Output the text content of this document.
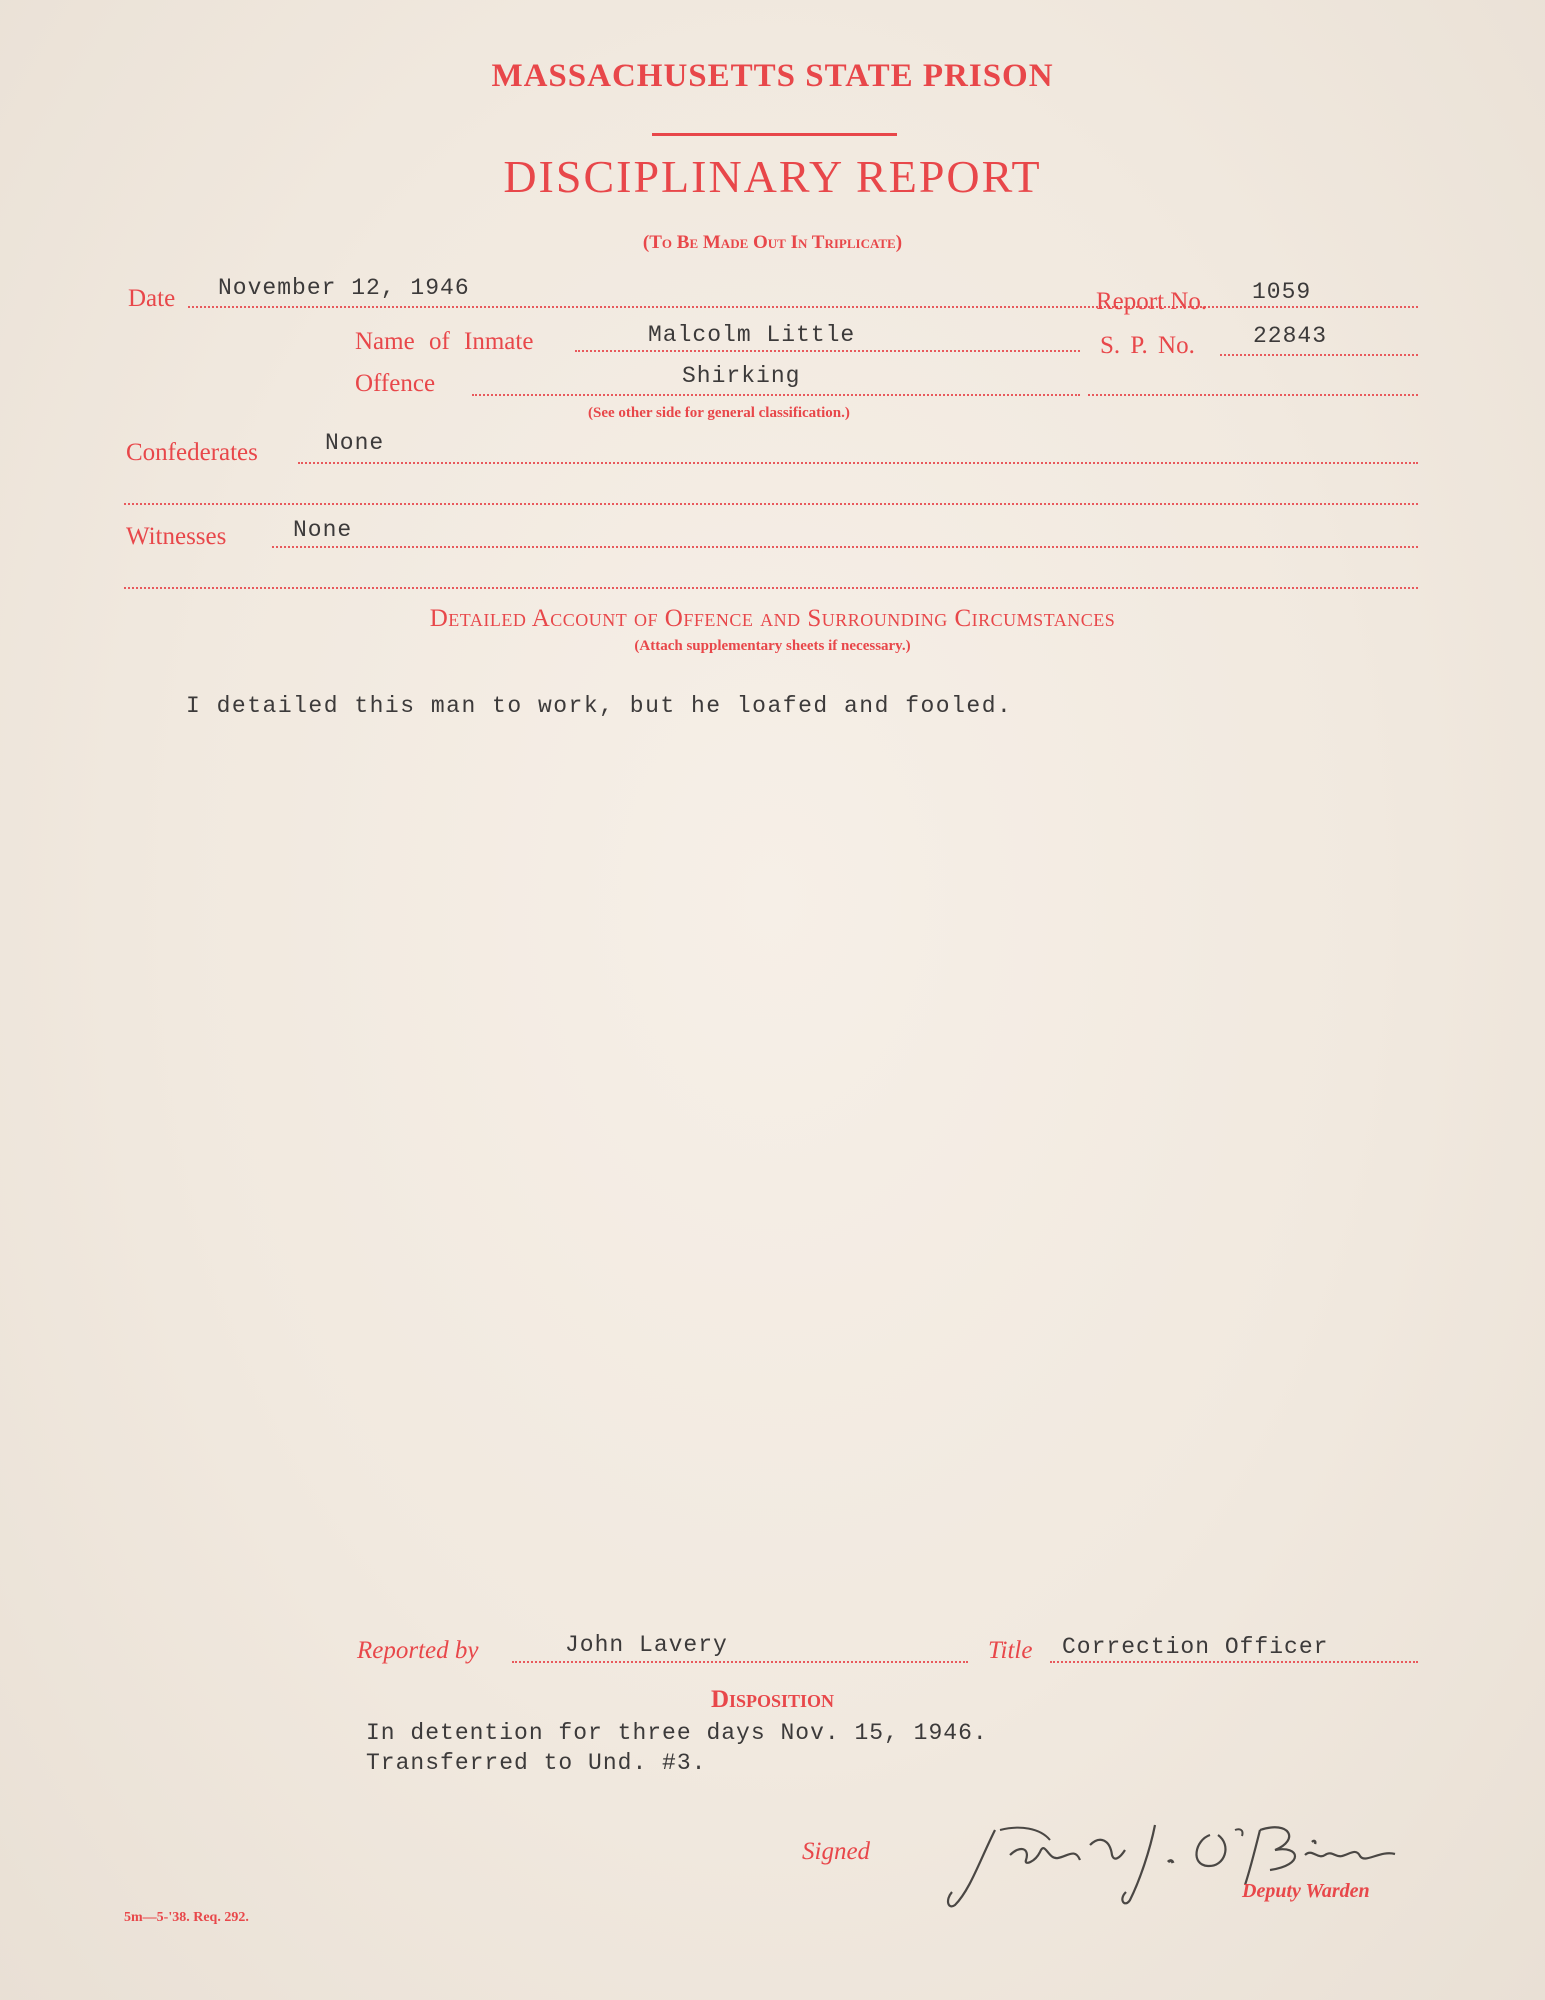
MASSACHUSETTS STATE PRISON
DISCIPLINARY REPORT
(To Be Made Out In Triplicate)
Date November 12, 1946	Report No. 1059
Name of Inmate	Malcolm Little	S. P. No.	22843
Offence	Shirking
(See other side for general classification.)
Confederates	None
Witnesses	None
Detailed Account of Offence and Surrounding Circumstances
(Attach supplementary sheets if necessary.)
I detailed this man to work, but he loafed and fooled.
Reported by	John Lavery	Title Correction Officer
Disposition
In detention for three days Nov. 15, 1946.
Transferred to Und. #3.
Signed
Deputy Warden
5m—5-'38. Req. 292.
